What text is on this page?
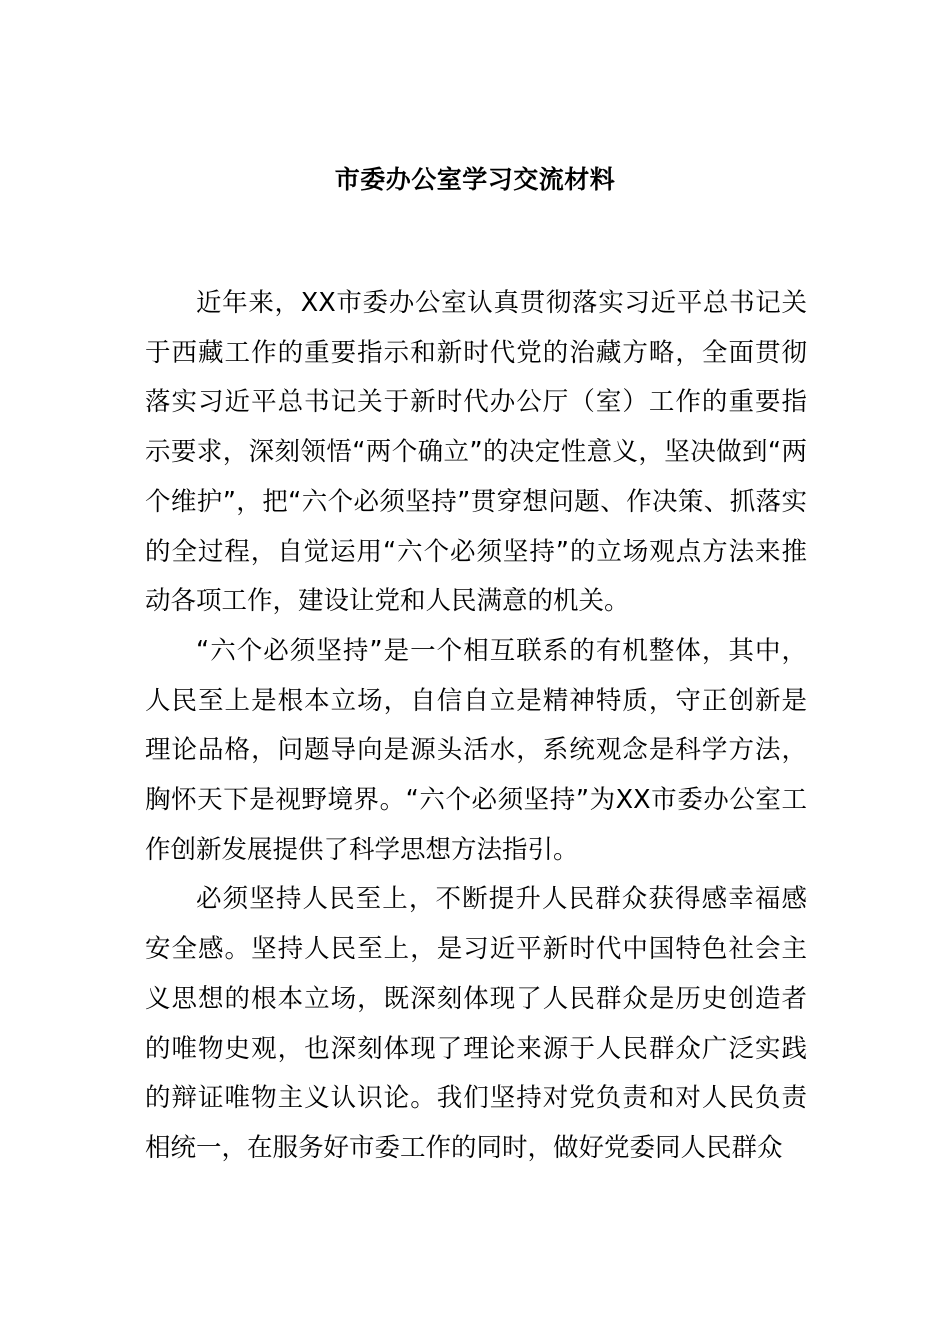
市委办公室学习交流材料

近年来，XX市委办公室认真贯彻落实习近平总书记关于西藏工作的重要指示和新时代党的治藏方略，全面贯彻落实习近平总书记关于新时代办公厅（室）工作的重要指示要求，深刻领悟“两个确立”的决定性意义，坚决做到“两个维护”，把“六个必须坚持”贯穿想问题、作决策、抓落实的全过程，自觉运用“六个必须坚持”的立场观点方法来推动各项工作，建设让党和人民满意的机关。

“六个必须坚持”是一个相互联系的有机整体，其中，人民至上是根本立场，自信自立是精神特质，守正创新是理论品格，问题导向是源头活水，系统观念是科学方法，胸怀天下是视野境界。“六个必须坚持”为XX市委办公室工作创新发展提供了科学思想方法指引。

必须坚持人民至上，不断提升人民群众获得感幸福感安全感。坚持人民至上，是习近平新时代中国特色社会主义思想的根本立场，既深刻体现了人民群众是历史创造者的唯物史观，也深刻体现了理论来源于人民群众广泛实践的辩证唯物主义认识论。我们坚持对党负责和对人民负责相统一，在服务好市委工作的同时，做好党委同人民群众
